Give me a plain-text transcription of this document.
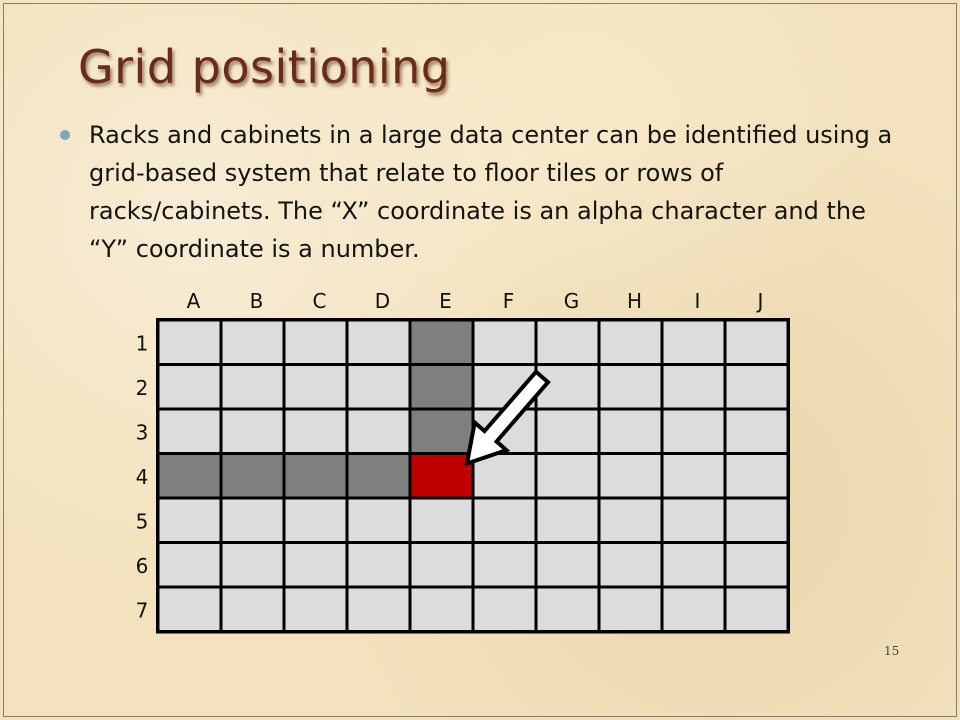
Grid positioning

Racks and cabinets in a large data center can be identified using a grid-based system that relate to floor tiles or rows of racks/cabinets. The “X” coordinate is an alpha character and the “Y” coordinate is a number.

A B C D E	F G H	I	J
1
2
3
4
5
6
7
15
